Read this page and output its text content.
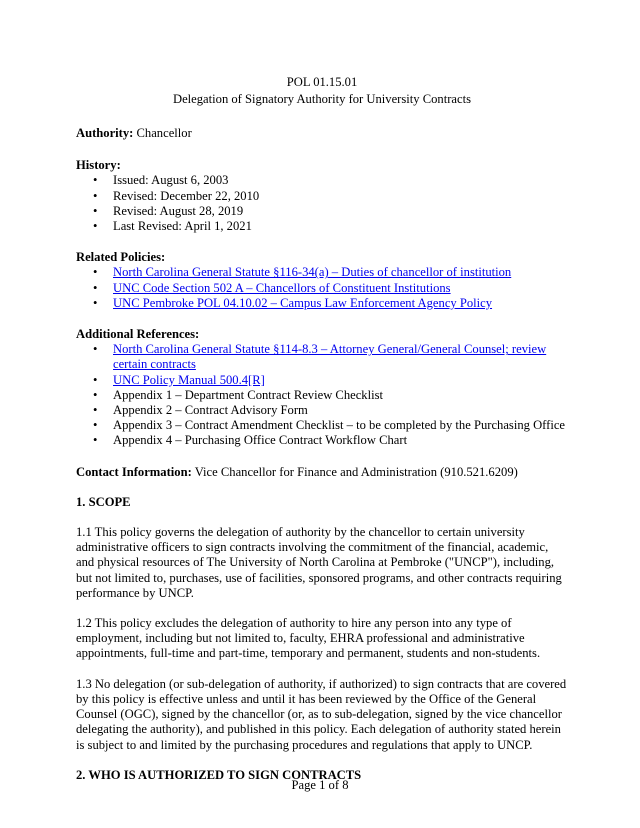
POL 01.15.01
Delegation of Signatory Authority for University Contracts

Authority: Chancellor

History:

• Issued: August 6, 2003
• Revised: December 22, 2010
• Revised: August 28, 2019
• Last Revised: April 1, 2021

Related Policies:

• North Carolina General Statute §116-34(a) – Duties of chancellor of institution
• UNC Code Section 502 A – Chancellors of Constituent Institutions
• UNC Pembroke POL 04.10.02 – Campus Law Enforcement Agency Policy

Additional References:

• North Carolina General Statute §114-8.3 – Attorney General/General Counsel; review certain contracts
• UNC Policy Manual 500.4[R]
• Appendix 1 – Department Contract Review Checklist
• Appendix 2 – Contract Advisory Form
• Appendix 3 – Contract Amendment Checklist – to be completed by the Purchasing Office
• Appendix 4 – Purchasing Office Contract Workflow Chart

Contact Information: Vice Chancellor for Finance and Administration (910.521.6209)

1. SCOPE

1.1 This policy governs the delegation of authority by the chancellor to certain university administrative officers to sign contracts involving the commitment of the financial, academic, and physical resources of The University of North Carolina at Pembroke ("UNCP"), including, but not limited to, purchases, use of facilities, sponsored programs, and other contracts requiring performance by UNCP.

1.2 This policy excludes the delegation of authority to hire any person into any type of employment, including but not limited to, faculty, EHRA professional and administrative appointments, full-time and part-time, temporary and permanent, students and non-students.

1.3 No delegation (or sub-delegation of authority, if authorized) to sign contracts that are covered by this policy is effective unless and until it has been reviewed by the Office of the General Counsel (OGC), signed by the chancellor (or, as to sub-delegation, signed by the vice chancellor delegating the authority), and published in this policy. Each delegation of authority stated herein is subject to and limited by the purchasing procedures and regulations that apply to UNCP.

2. WHO IS AUTHORIZED TO SIGN CONTRACTS

Page 1 of 8
